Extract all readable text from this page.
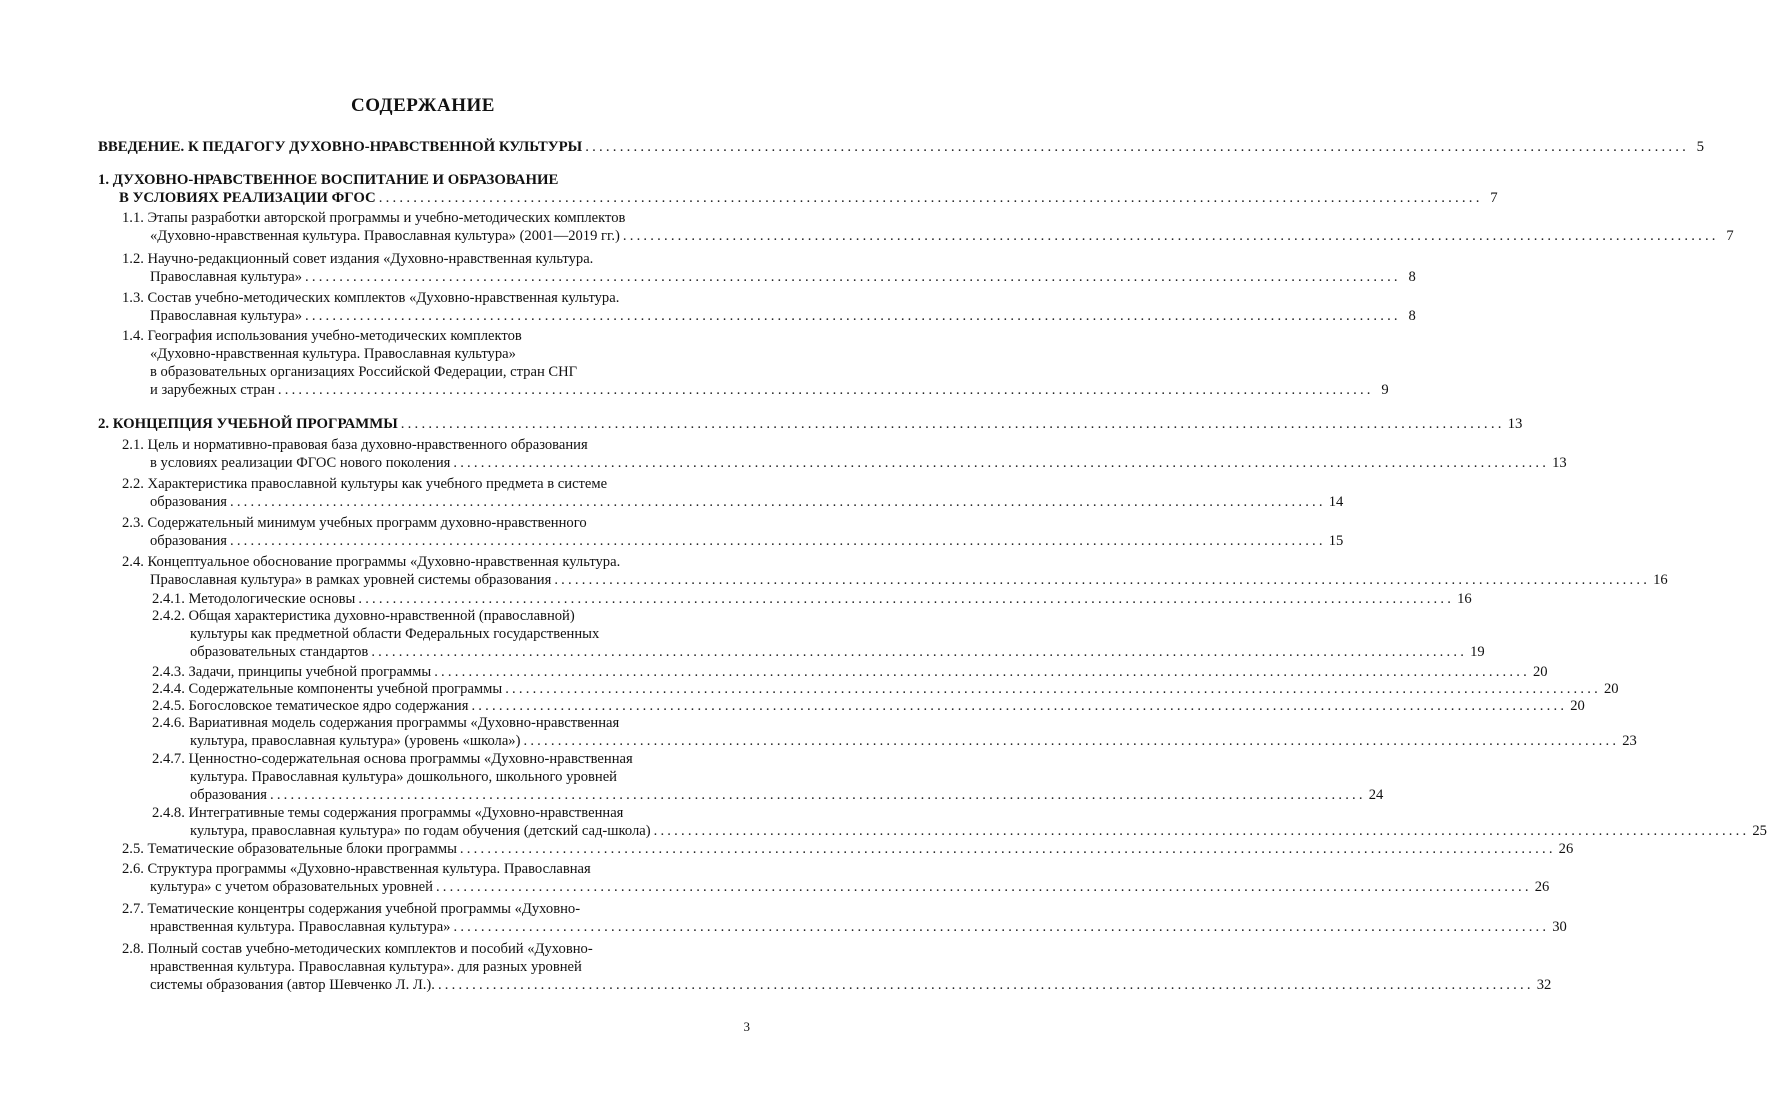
СОДЕРЖАНИЕ
ВВЕДЕНИЕ. К ПЕДАГОГУ ДУХОВНО-НРАВСТВЕННОЙ КУЛЬТУРЫ ................................................................................................................................................................ 5
1. ДУХОВНО-НРАВСТВЕННОЕ ВОСПИТАНИЕ И ОБРАЗОВАНИЕ
В УСЛОВИЯХ РЕАЛИЗАЦИИ ФГОС ................................................................................................................................................................ 7
1.1. Этапы разработки авторской программы и учебно-методических комплектов
«Духовно-нравственная культура. Православная культура» (2001—2019 гг.) ................................................................................................................................................................ 7
1.2. Научно-редакционный совет издания «Духовно-нравственная культура.
Православная культура» ................................................................................................................................................................ 8
1.3. Состав учебно-методических комплектов «Духовно-нравственная культура.
Православная культура» ................................................................................................................................................................ 8
1.4. География использования учебно-методических комплектов
«Духовно-нравственная культура. Православная культура»
в образовательных организациях Российской Федерации, стран СНГ
и зарубежных стран ................................................................................................................................................................ 9
2. КОНЦЕПЦИЯ УЧЕБНОЙ ПРОГРАММЫ ................................................................................................................................................................ 13
2.1. Цель и нормативно-правовая база духовно-нравственного образования
в условиях реализации ФГОС нового поколения ................................................................................................................................................................ 13
2.2. Характеристика православной культуры как учебного предмета в системе
образования ................................................................................................................................................................ 14
2.3. Содержательный минимум учебных программ духовно-нравственного
образования ................................................................................................................................................................ 15
2.4. Концептуальное обоснование программы «Духовно-нравственная культура.
Православная культура» в рамках уровней системы образования ................................................................................................................................................................ 16
2.4.1. Методологические основы ................................................................................................................................................................ 16
2.4.2. Общая характеристика духовно-нравственной (православной)
культуры как предметной области Федеральных государственных
образовательных стандартов ................................................................................................................................................................ 19
2.4.3. Задачи, принципы учебной программы ................................................................................................................................................................ 20
2.4.4. Содержательные компоненты учебной программы ................................................................................................................................................................ 20
2.4.5. Богословское тематическое ядро содержания ................................................................................................................................................................ 20
2.4.6. Вариативная модель содержания программы «Духовно-нравственная
культура, православная культура» (уровень «школа») ................................................................................................................................................................ 23
2.4.7. Ценностно-содержательная основа программы «Духовно-нравственная
культура. Православная культура» дошкольного, школьного уровней
образования ................................................................................................................................................................ 24
2.4.8. Интегративные темы содержания программы «Духовно-нравственная
культура, православная культура» по годам обучения (детский сад-школа) ................................................................................................................................................................ 25
2.5. Тематические образовательные блоки программы ................................................................................................................................................................ 26
2.6. Структура программы «Духовно-нравственная культура. Православная
культура» с учетом образовательных уровней ................................................................................................................................................................ 26
2.7. Тематические концентры содержания учебной программы «Духовно-
нравственная культура. Православная культура» ................................................................................................................................................................ 30
2.8. Полный состав учебно-методических комплектов и пособий «Духовно-
нравственная культура. Православная культура». для разных уровней
системы образования (автор Шевченко Л. Л.). ................................................................................................................................................................ 32
3
